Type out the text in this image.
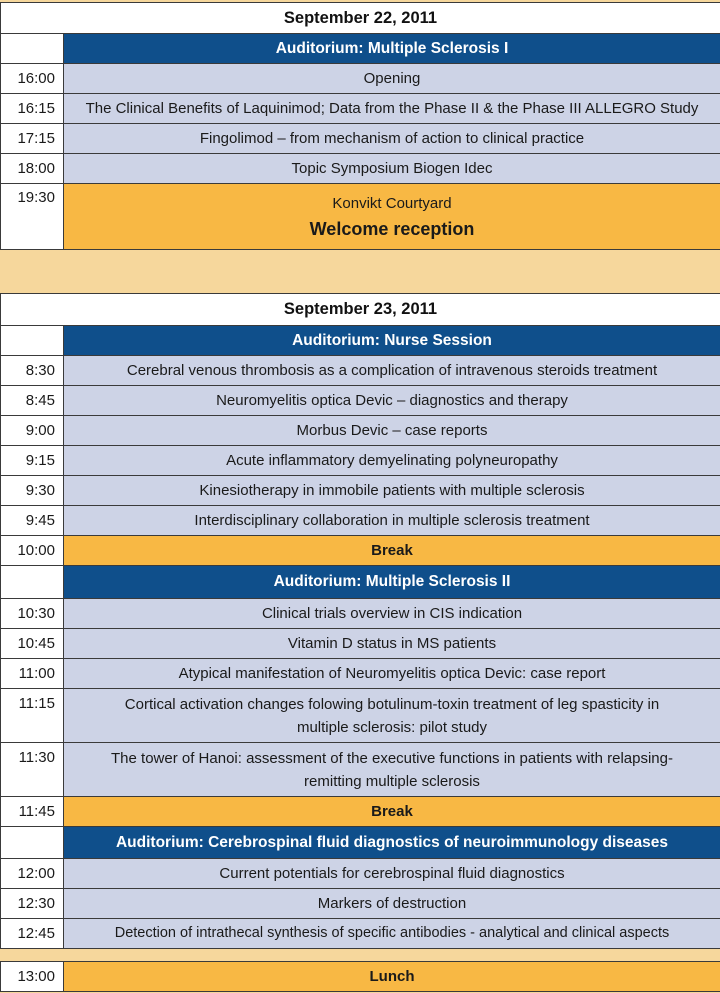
September 22, 2011	
	Auditorium: Multiple Sclerosis I
16:00	Opening
16:15	The Clinical Benefits of Laquinimod; Data from the Phase II & the Phase III ALLEGRO Study
17:15	Fingolimod – from mechanism of action to clinical practice
18:00	Topic Symposium Biogen Idec
19:30	Konvikt Courtyard
Welcome reception
September 23, 2011	
	Auditorium: Nurse Session
8:30	Cerebral venous thrombosis as a complication of intravenous steroids treatment
8:45	Neuromyelitis optica Devic – diagnostics and therapy
9:00	Morbus Devic – case reports
9:15	Acute inflammatory demyelinating polyneuropathy
9:30	Kinesiotherapy in immobile patients with multiple sclerosis
9:45	Interdisciplinary collaboration in multiple sclerosis treatment
10:00	Break
	Auditorium: Multiple Sclerosis II
10:30	Clinical trials overview in CIS indication
10:45	Vitamin D status in MS patients
11:00	Atypical manifestation of Neuromyelitis optica Devic: case report
11:15	Cortical activation changes folowing botulinum-toxin treatment of leg spasticity in multiple sclerosis: pilot study
11:30	The tower of Hanoi: assessment of the executive functions in patients with relapsing-remitting multiple sclerosis
11:45	Break
	Auditorium: Cerebrospinal fluid diagnostics of neuroimmunology diseases
12:00	Current potentials for cerebrospinal fluid diagnostics
12:30	Markers of destruction
12:45	Detection of intrathecal synthesis of specific antibodies - analytical and clinical aspects
13:00	Lunch
